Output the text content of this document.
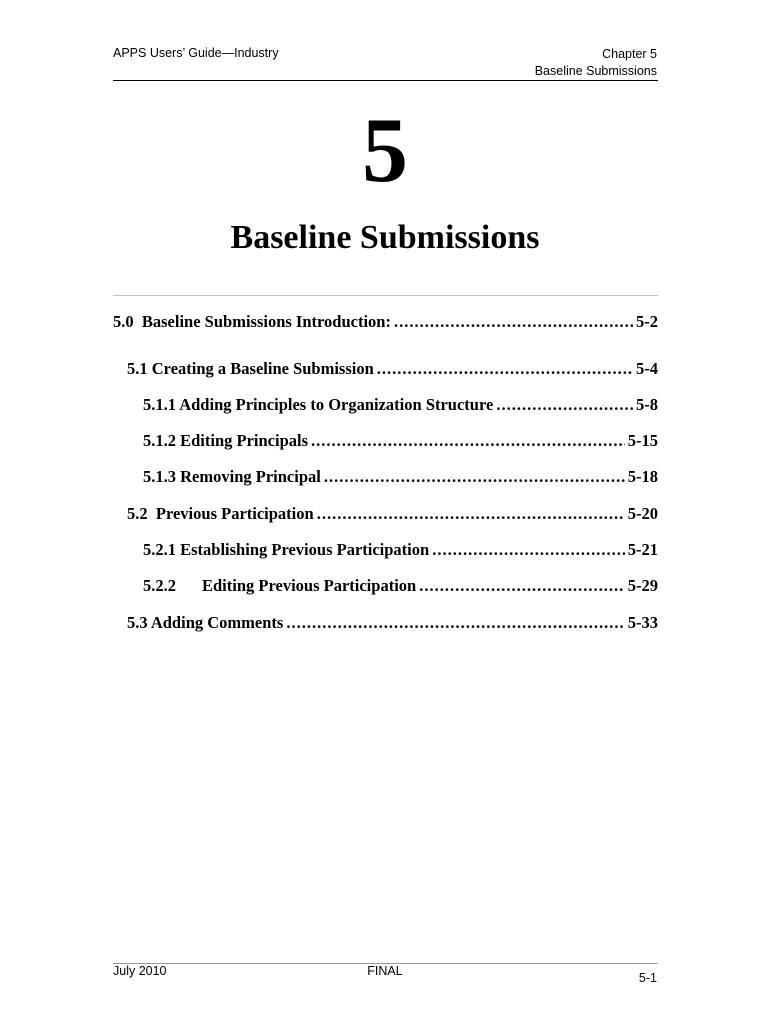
APPS Users’ Guide—Industry	Chapter 5
Baseline Submissions
5
Baseline Submissions
5.0 Baseline Submissions Introduction: .....	5-2
5.1 Creating a Baseline Submission .....	5-4
5.1.1 Adding Principles to Organization Structure .....	5-8
5.1.2 Editing Principals .....	5-15
5.1.3 Removing Principal .....	5-18
5.2 Previous Participation .....	5-20
5.2.1 Establishing Previous Participation .....	5-21
5.2.2 Editing Previous Participation .....	5-29
5.3 Adding Comments .....	5-33
July 2010	FINAL	5-1
